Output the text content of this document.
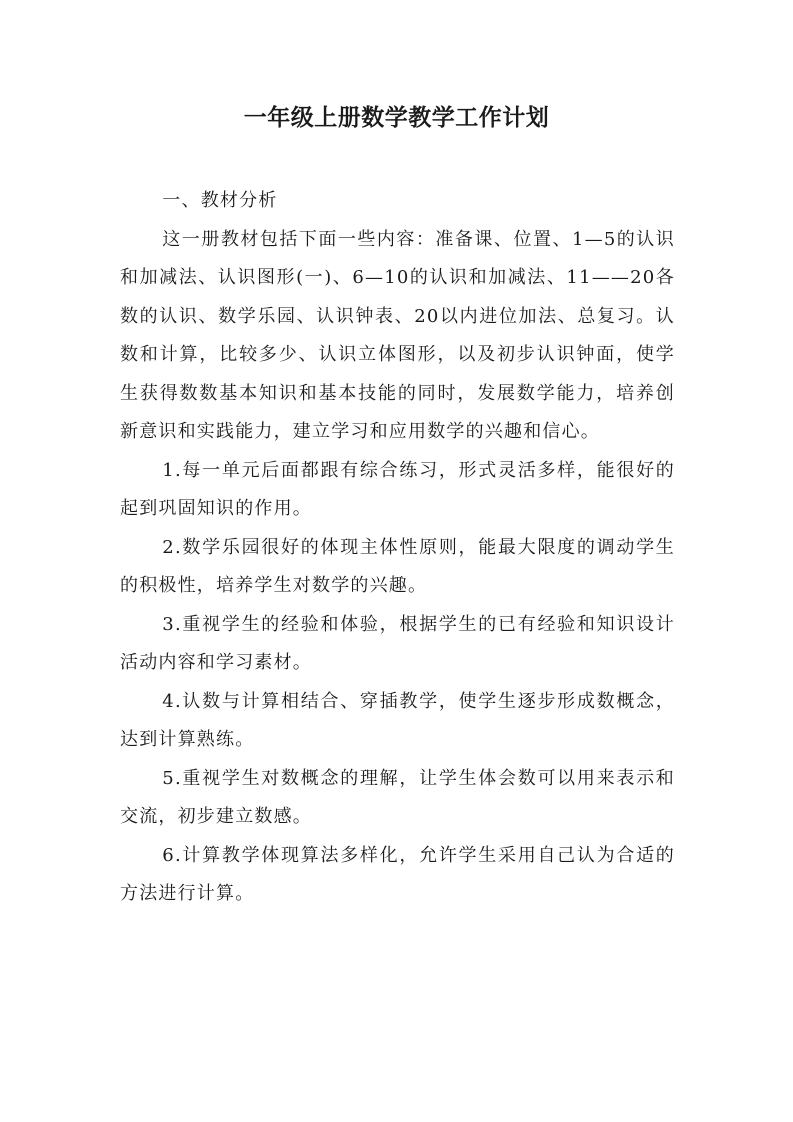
一年级上册数学教学工作计划

一、教材分析

这一册教材包括下面一些内容：准备课、位置、1—5的认识和加减法、认识图形(一)、6—10的认识和加减法、11——20各数的认识、数学乐园、认识钟表、20以内进位加法、总复习。认数和计算，比较多少、认识立体图形，以及初步认识钟面，使学生获得数数基本知识和基本技能的同时，发展数学能力，培养创新意识和实践能力，建立学习和应用数学的兴趣和信心。

1.每一单元后面都跟有综合练习，形式灵活多样，能很好的起到巩固知识的作用。

2.数学乐园很好的体现主体性原则，能最大限度的调动学生的积极性，培养学生对数学的兴趣。

3.重视学生的经验和体验，根据学生的已有经验和知识设计活动内容和学习素材。

4.认数与计算相结合、穿插教学，使学生逐步形成数概念，达到计算熟练。

5.重视学生对数概念的理解，让学生体会数可以用来表示和交流，初步建立数感。

6.计算教学体现算法多样化，允许学生采用自己认为合适的方法进行计算。
